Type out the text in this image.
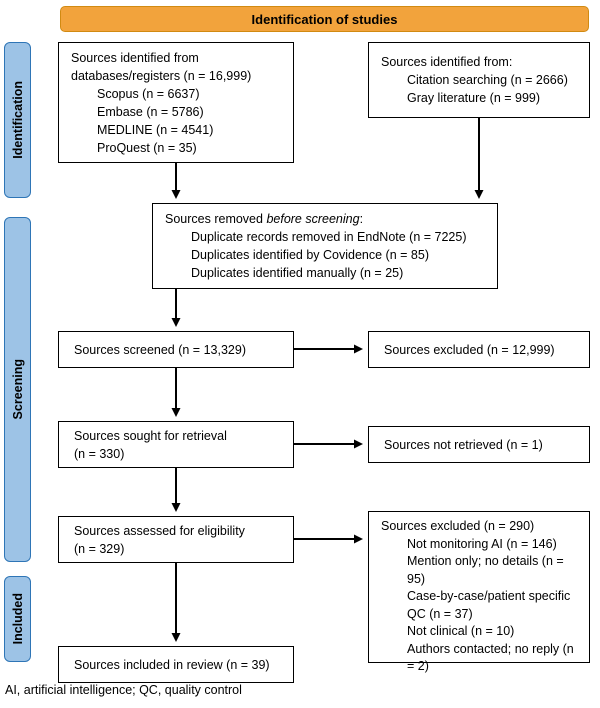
Identification of studies
Identification
Screening
Included
Sources identified from
databases/registers (n = 16,999)
Scopus (n = 6637)
Embase (n = 5786)
MEDLINE (n = 4541)
ProQuest (n = 35)
Sources identified from:
Citation searching (n = 2666)
Gray literature (n = 999)
Sources removed before screening:
Duplicate records removed in EndNote (n = 7225)
Duplicates identified by Covidence (n = 85)
Duplicates identified manually (n = 25)
Sources screened (n = 13,329)	Sources excluded (n = 12,999)
Sources sought for retrieval
(n = 330)
Sources not retrieved (n = 1)
Sources assessed for eligibility
(n = 329)
Sources excluded (n = 290)
Not monitoring AI (n = 146)
Mention only; no details (n = 95)
Case-by-case/patient specific QC (n = 37)
Not clinical (n = 10)
Authors contacted; no reply (n = 2)
Sources included in review (n = 39)
AI, artificial intelligence; QC, quality control
